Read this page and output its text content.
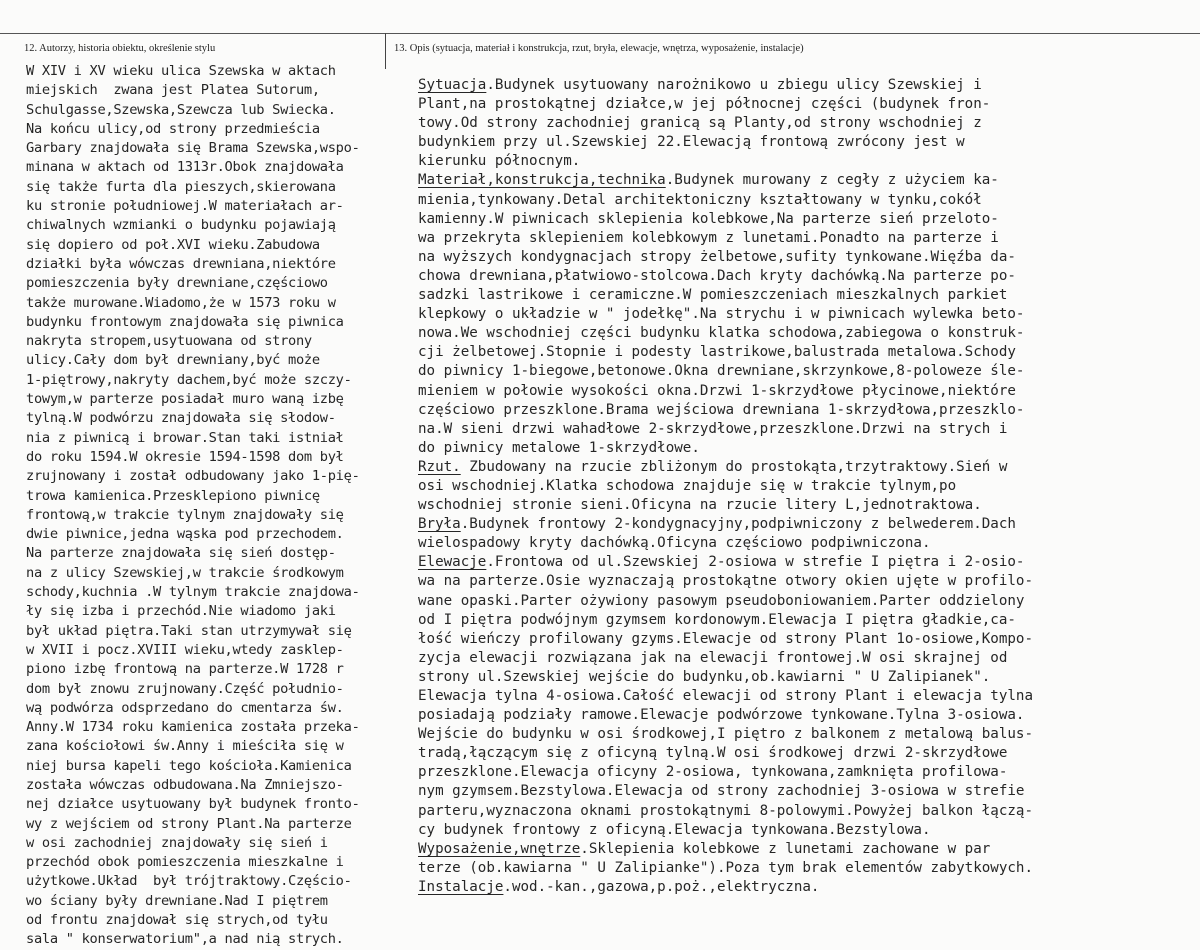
12. Autorzy, historia obiektu, określenie stylu	13. Opis (sytuacja, materiał i konstrukcja, rzut, bryła, elewacje, wnętrza, wyposażenie, instalacje)
W XIV i XV wieku ulica Szewska w aktach
miejskich  zwana jest Platea Sutorum,
Schulgasse,Szewska,Szewcza lub Swiecka.
Na końcu ulicy,od strony przedmieścia
Garbary znajdowała się Brama Szewska,wspo-
minana w aktach od 1313r.Obok znajdowała
się także furta dla pieszych,skierowana
ku stronie południowej.W materiałach ar-
chiwalnych wzmianki o budynku pojawiają
się dopiero od poł.XVI wieku.Zabudowa
działki była wówczas drewniana,niektóre
pomieszczenia były drewniane,częściowo
także murowane.Wiadomo,że w 1573 roku w
budynku frontowym znajdowała się piwnica
nakryta stropem,usytuowana od strony
ulicy.Cały dom był drewniany,być może
1-piętrowy,nakryty dachem,być może szczy-
towym,w parterze posiadał muro waną izbę
tylną.W podwórzu znajdowała się słodow-
nia z piwnicą i browar.Stan taki istniał
do roku 1594.W okresie 1594-1598 dom był
zrujnowany i został odbudowany jako 1-pię-
trowa kamienica.Przesklepiono piwnicę
frontową,w trakcie tylnym znajdowały się
dwie piwnice,jedna wąska pod przechodem.
Na parterze znajdowała się sień dostęp-
na z ulicy Szewskiej,w trakcie środkowym
schody,kuchnia .W tylnym trakcie znajdowa-
ły się izba i przechód.Nie wiadomo jaki
był układ piętra.Taki stan utrzymywał się
w XVII i pocz.XVIII wieku,wtedy zasklep-
piono izbę frontową na parterze.W 1728 r
dom był znowu zrujnowany.Część południo-
wą podwórza odsprzedano do cmentarza św.
Anny.W 1734 roku kamienica została przeka-
zana kościołowi św.Anny i mieściła się w
niej bursa kapeli tego kościoła.Kamienica
została wówczas odbudowana.Na Zmniejszo-
nej działce usytuowany był budynek fronto-
wy z wejściem od strony Plant.Na parterze
w osi zachodniej znajdowały się sień i
przechód obok pomieszczenia mieszkalne i
użytkowe.Układ  był trójtraktowy.Częścio-
wo ściany były drewniane.Nad I piętrem
od frontu znajdował się strych,od tyłu
sala " konserwatorium",a nad nią strych.
Sytuacja.Budynek usytuowany narożnikowo u zbiegu ulicy Szewskiej i
Plant,na prostokątnej działce,w jej północnej części (budynek fron-
towy.Od strony zachodniej granicą są Planty,od strony wschodniej z
budynkiem przy ul.Szewskiej 22.Elewacją frontową zwrócony jest w
kierunku północnym.
Materiał,konstrukcja,technika.Budynek murowany z cegły z użyciem ka-
mienia,tynkowany.Detal architektoniczny kształtowany w tynku,cokół
kamienny.W piwnicach sklepienia kolebkowe,Na parterze sień przeloto-
wa przekryta sklepieniem kolebkowym z lunetami.Ponadto na parterze i
na wyższych kondygnacjach stropy żelbetowe,sufity tynkowane.Więźba da-
chowa drewniana,płatwiowo-stolcowa.Dach kryty dachówką.Na parterze po-
sadzki lastrikowe i ceramiczne.W pomieszczeniach mieszkalnych parkiet
klepkowy o układzie w " jodełkę".Na strychu i w piwnicach wylewka beto-
nowa.We wschodniej części budynku klatka schodowa,zabiegowa o konstruk-
cji żelbetowej.Stopnie i podesty lastrikowe,balustrada metalowa.Schody
do piwnicy 1-biegowe,betonowe.Okna drewniane,skrzynkowe,8-poloweze śle-
mieniem w połowie wysokości okna.Drzwi 1-skrzydłowe płycinowe,niektóre
częściowo przeszklone.Brama wejściowa drewniana 1-skrzydłowa,przeszklo-
na.W sieni drzwi wahadłowe 2-skrzydłowe,przeszklone.Drzwi na strych i
do piwnicy metalowe 1-skrzydłowe.
Rzut. Zbudowany na rzucie zbliżonym do prostokąta,trzytraktowy.Sień w
osi wschodniej.Klatka schodowa znajduje się w trakcie tylnym,po
wschodniej stronie sieni.Oficyna na rzucie litery L,jednotraktowa.
Bryła.Budynek frontowy 2-kondygnacyjny,podpiwniczony z belwederem.Dach
wielospadowy kryty dachówką.Oficyna częściowo podpiwniczona.
Elewacje.Frontowa od ul.Szewskiej 2-osiowa w strefie I piętra i 2-osio-
wa na parterze.Osie wyznaczają prostokątne otwory okien ujęte w profilo-
wane opaski.Parter ożywiony pasowym pseudoboniowaniem.Parter oddzielony
od I piętra podwójnym gzymsem kordonowym.Elewacja I piętra gładkie,ca-
łość wieńczy profilowany gzyms.Elewacje od strony Plant 1o-osiowe,Kompo-
zycja elewacji rozwiązana jak na elewacji frontowej.W osi skrajnej od
strony ul.Szewskiej wejście do budynku,ob.kawiarni " U Zalipianek".
Elewacja tylna 4-osiowa.Całość elewacji od strony Plant i elewacja tylna
posiadają podziały ramowe.Elewacje podwórzowe tynkowane.Tylna 3-osiowa.
Wejście do budynku w osi środkowej,I piętro z balkonem z metalową balus-
tradą,łączącym się z oficyną tylną.W osi środkowej drzwi 2-skrzydłowe
przeszklone.Elewacja oficyny 2-osiowa, tynkowana,zamknięta profilowa-
nym gzymsem.Bezstylowa.Elewacja od strony zachodniej 3-osiowa w strefie
parteru,wyznaczona oknami prostokątnymi 8-polowymi.Powyżej balkon łączą-
cy budynek frontowy z oficyną.Elewacja tynkowana.Bezstylowa.
Wyposażenie,wnętrze.Sklepienia kolebkowe z lunetami zachowane w par
terze (ob.kawiarna " U Zalipianke").Poza tym brak elementów zabytkowych.
Instalacje.wod.-kan.,gazowa,p.poż.,elektryczna.
